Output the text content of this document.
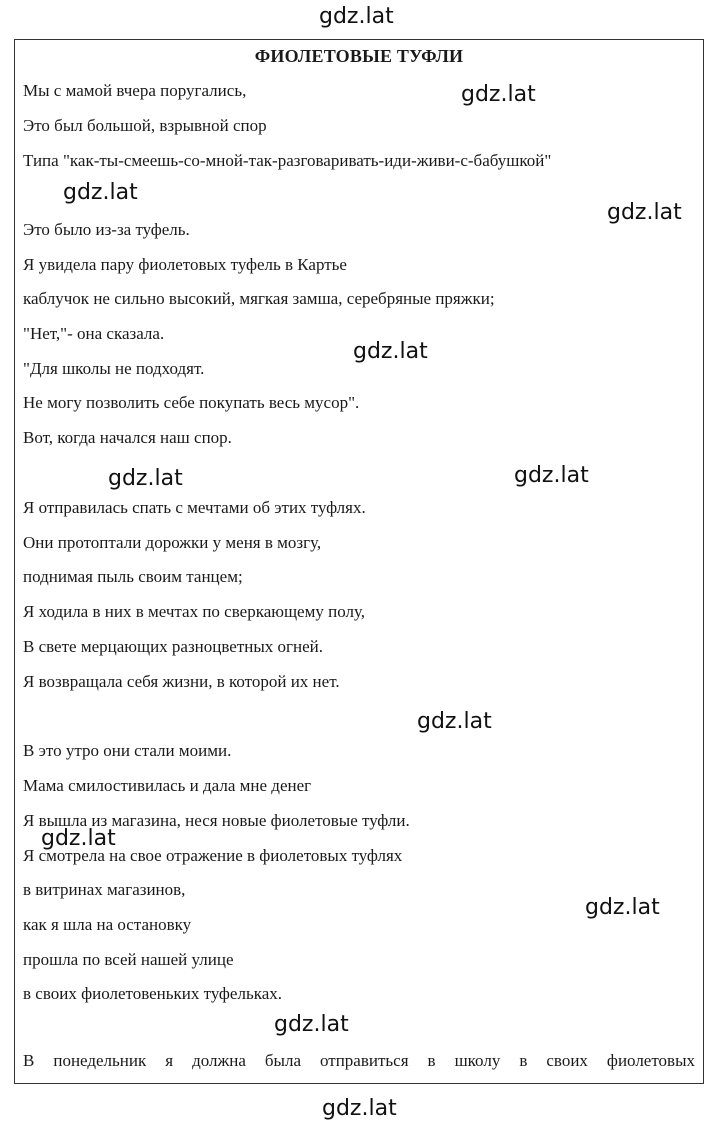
gdz.lat
gdz.lat
ФИОЛЕТОВЫЕ ТУФЛИ
Мы с мамой вчера поругались,
Это был большой, взрывной спор
Типа "как-ты-смеешь-со-мной-так-разговаривать-иди-живи-с-бабушкой"
Это было из-за туфель.
Я увидела пару фиолетовых туфель в Картье
каблучок не сильно высокий, мягкая замша, серебряные пряжки;
"Нет,"- она сказала.
"Для школы не подходят.
Не могу позволить себе покупать весь мусор".
Вот, когда начался наш спор.
Я отправилась спать с мечтами об этих туфлях.
Они протоптали дорожки у меня в мозгу,
поднимая пыль своим танцем;
Я ходила в них в мечтах по сверкающему полу,
В свете мерцающих разноцветных огней.
Я возвращала себя жизни, в которой их нет.
В это утро они стали моими.
Мама смилостивилась и дала мне денег
Я вышла из магазина, неся новые фиолетовые туфли.
Я смотрела на свое отражение в фиолетовых туфлях
в витринах магазинов,
как я шла на остановку
прошла по всей нашей улице
в своих фиолетовеньких туфельках.
В понедельник я должна была отправиться в школу в своих фиолетовых
gdz.lat
gdz.lat
gdz.lat
gdz.lat
gdz.lat	gdz.lat
gdz.lat
gdz.lat
gdz.lat
gdz.lat
